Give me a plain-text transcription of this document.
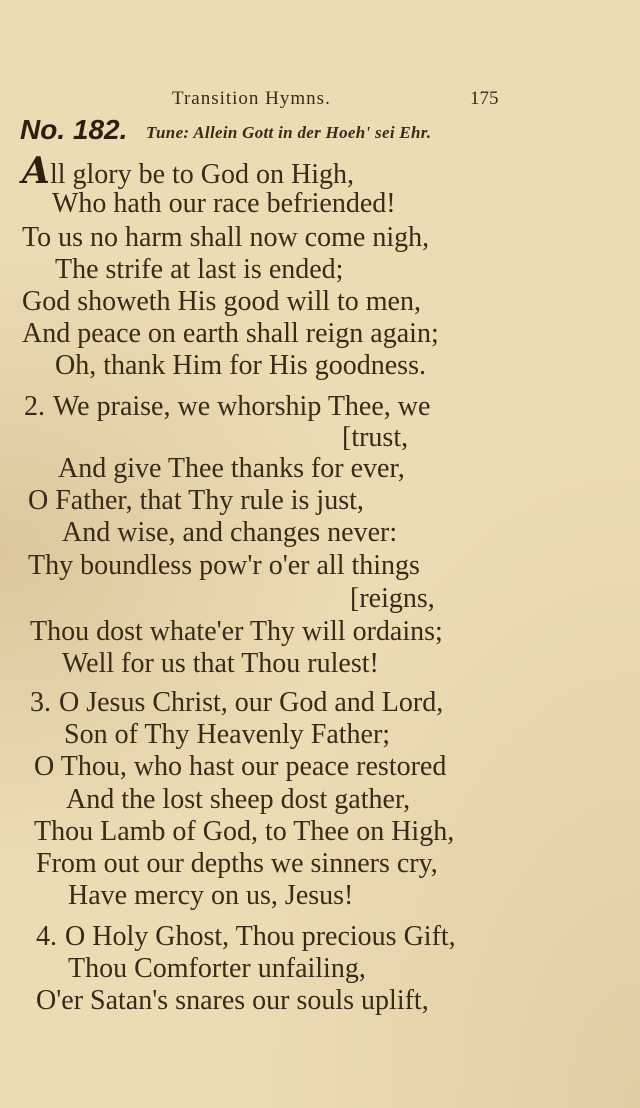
Transition Hymns.	175
No. 182. Tune: Allein Gott in der Hoeh' sei Ehr.
All glory be to God on High,
Who hath our race befriended!
To us no harm shall now come nigh,
The strife at last is ended;
God showeth His good will to men,
And peace on earth shall reign again;
Oh, thank Him for His goodness.
2. We praise, we whorship Thee, we
[trust,
And give Thee thanks for ever,
O Father, that Thy rule is just,
And wise, and changes never:
Thy boundless pow'r o'er all things
[reigns,
Thou dost whate'er Thy will ordains;
Well for us that Thou rulest!
3. O Jesus Christ, our God and Lord,
Son of Thy Heavenly Father;
O Thou, who hast our peace restored
And the lost sheep dost gather,
Thou Lamb of God, to Thee on High,
From out our depths we sinners cry,
Have mercy on us, Jesus!
4. O Holy Ghost, Thou precious Gift,
Thou Comforter unfailing,
O'er Satan's snares our souls uplift,
